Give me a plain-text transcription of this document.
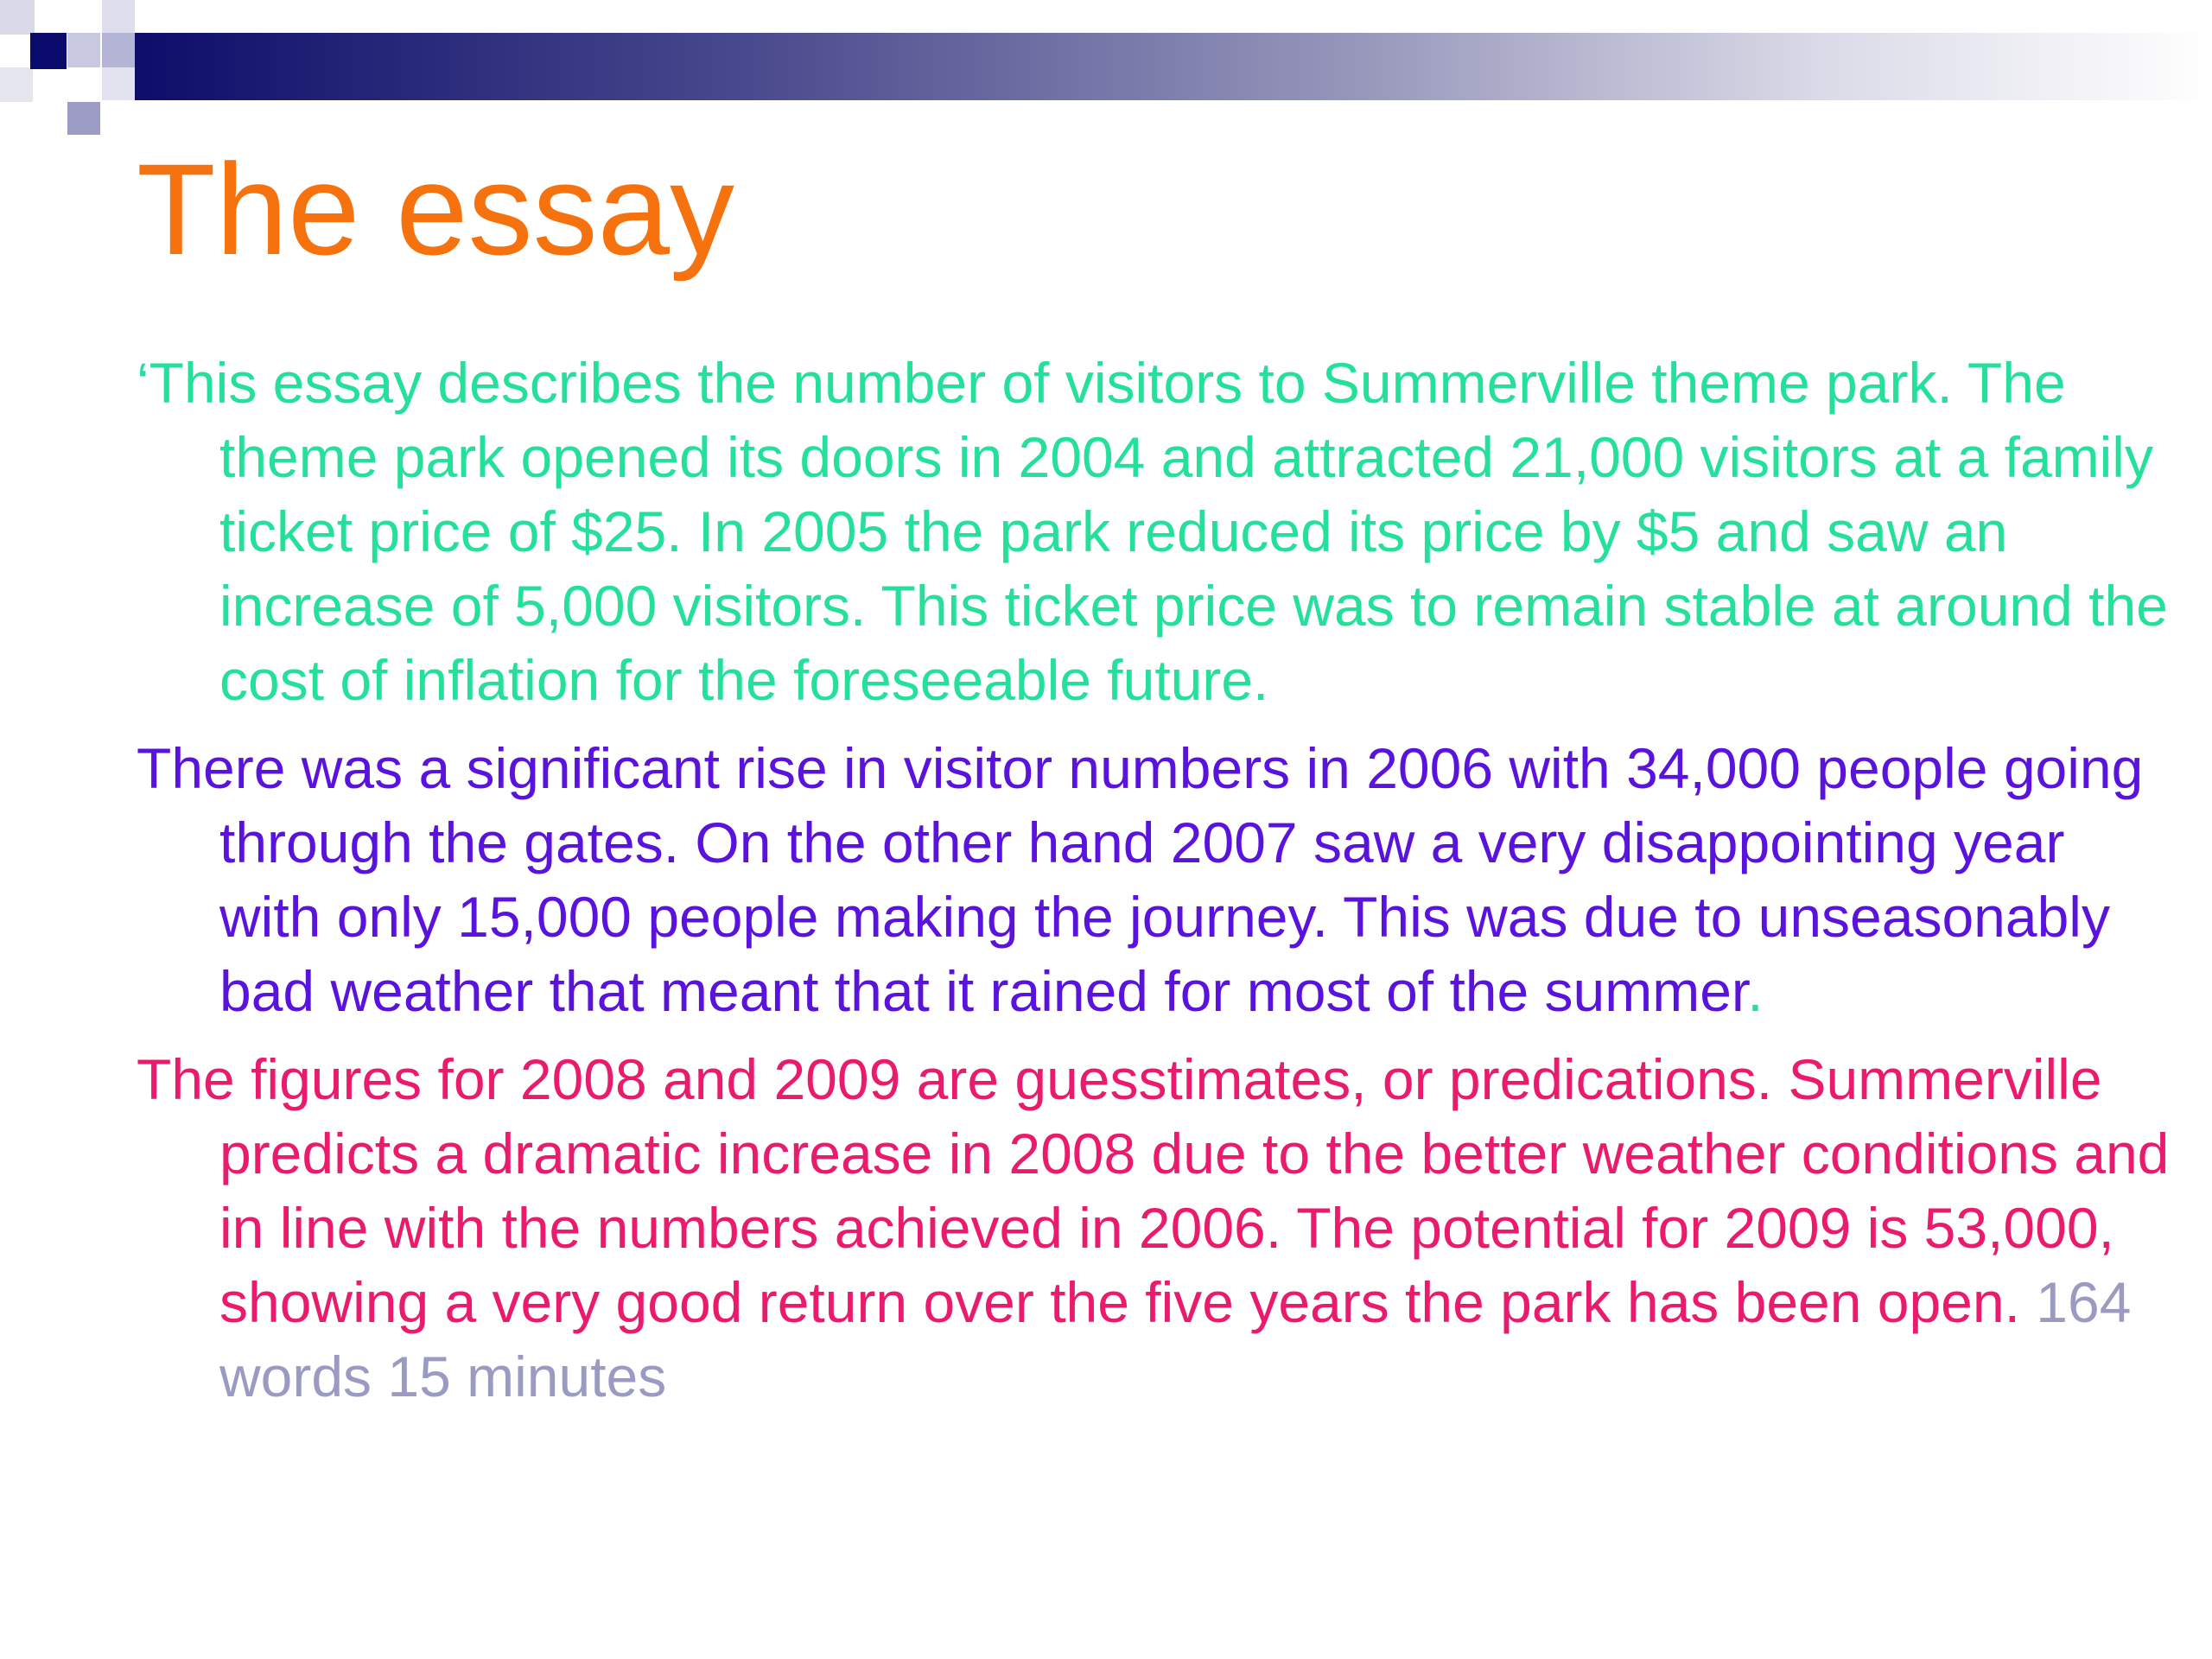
The essay

‘This essay describes the number of visitors to Summerville theme park. The theme park opened its doors in 2004 and attracted 21,000 visitors at a family ticket price of $25. In 2005 the park reduced its price by $5 and saw an increase of 5,000 visitors. This ticket price was to remain stable at around the cost of inflation for the foreseeable future.

There was a significant rise in visitor numbers in 2006 with 34,000 people going through the gates. On the other hand 2007 saw a very disappointing year with only 15,000 people making the journey. This was due to unseasonably bad weather that meant that it rained for most of the summer.

The figures for 2008 and 2009 are guesstimates, or predications. Summerville predicts a dramatic increase in 2008 due to the better weather conditions and in line with the numbers achieved in 2006. The potential for 2009 is 53,000, showing a very good return over the five years the park has been open. 164 words 15 minutes
